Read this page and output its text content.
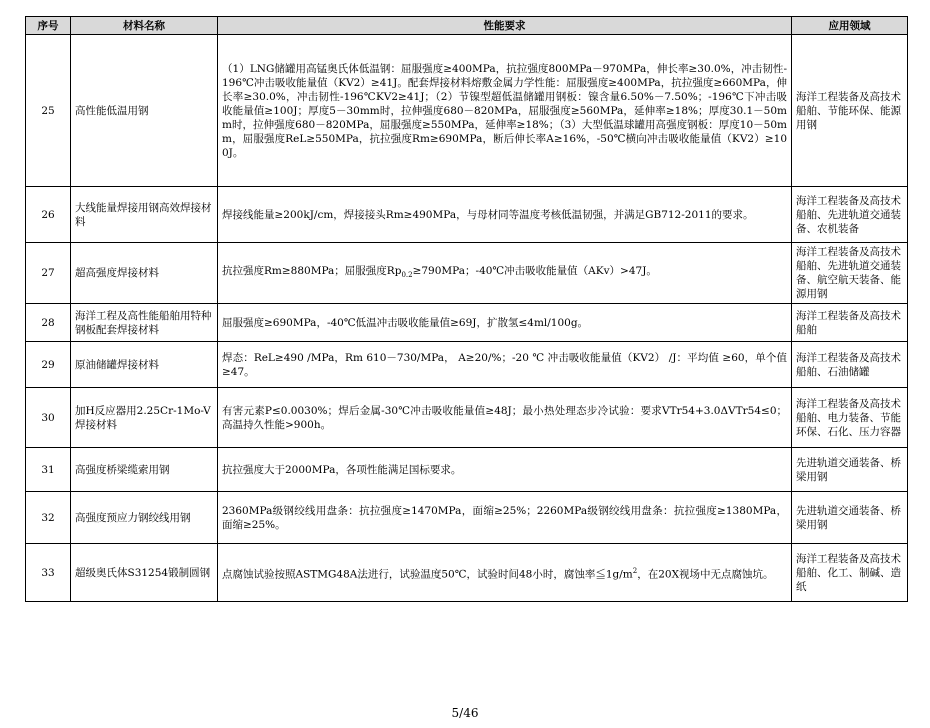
序号	材料名称	性能要求	应用领域
25	高性能低温用钢	（1）LNG储罐用高锰奥氏体低温钢：屈服强度≥400MPa，抗拉强度800MPa－970MPa，伸长率≥30.0%，冲击韧性-196℃冲击吸收能量值（KV2）≥41J。配套焊接材料熔敷金属力学性能：屈服强度≥400MPa，抗拉强度≥660MPa，伸长率≥30.0%，冲击韧性-196℃KV2≥41J；（2）节镍型超低温储罐用钢板：镍含量6.50%－7.50%；-196℃下冲击吸收能量值≥100J；厚度5－30mm时，拉伸强度680－820MPa，屈服强度≥560MPa，延伸率≥18%；厚度30.1－50mm时，拉伸强度680－820MPa，屈服强度≥550MPa，延伸率≥18%；（3）大型低温球罐用高强度钢板：厚度10－50mm，屈服强度ReL≥550MPa，抗拉强度Rm≥690MPa，断后伸长率A≥16%，-50℃横向冲击吸收能量值（KV2）≥100J。	海洋工程装备及高技术船舶、节能环保、能源用钢
26	大线能量焊接用钢高效焊接材料	焊接线能量≥200kJ/cm，焊接接头Rm≥490MPa，与母材同等温度考核低温韧强，并满足GB712-2011的要求。	海洋工程装备及高技术船舶、先进轨道交通装备、农机装备
27	超高强度焊接材料	抗拉强度Rm≥880MPa；屈服强度$Rp_{0.2}\ge 790MPa$；-40℃冲击吸收能量值（AKv）>47J。	海洋工程装备及高技术船舶、先进轨道交通装备、航空航天装备、能源用钢
28	海洋工程及高性能船舶用特种钢板配套焊接材料	屈服强度≥690MPa，-40℃低温冲击吸收能量值≥69J，扩散氢≤4ml/100g。	海洋工程装备及高技术船舶
29	原油储罐焊接材料	焊态：ReL≥490 /MPa，Rm 610－730/MPa， A≥20/%；-20 ℃ 冲击吸收能量值（KV2） /J：平均值 ≥60，单个值≥47。	海洋工程装备及高技术船舶、石油储罐
30	加H反应器用2.25Cr-1Mo-V焊接材料	有害元素P≤0.0030%；焊后金属-30℃冲击吸收能量值≥48J；最小热处理态步冷试验：要求VTr54+3.0ΔVTr54≤0；高温持久性能>900h。	海洋工程装备及高技术船舶、电力装备、节能环保、石化、压力容器
31	高强度桥梁缆索用钢	抗拉强度大于2000MPa，各项性能满足国标要求。	先进轨道交通装备、桥梁用钢
32	高强度预应力钢绞线用钢	2360MPa级钢绞线用盘条：抗拉强度≥1470MPa，面缩≥25%；2260MPa级钢绞线用盘条：抗拉强度≥1380MPa，面缩≥25%。	先进轨道交通装备、桥梁用钢
33	超级奥氏体S31254锻制圆钢	点腐蚀试验按照ASTMG48A法进行，试验温度50℃，试验时间48小时，腐蚀率$≦1g/m^2$，在20X视场中无点腐蚀坑。	海洋工程装备及高技术船舶、化工、制碱、造纸
5/46
